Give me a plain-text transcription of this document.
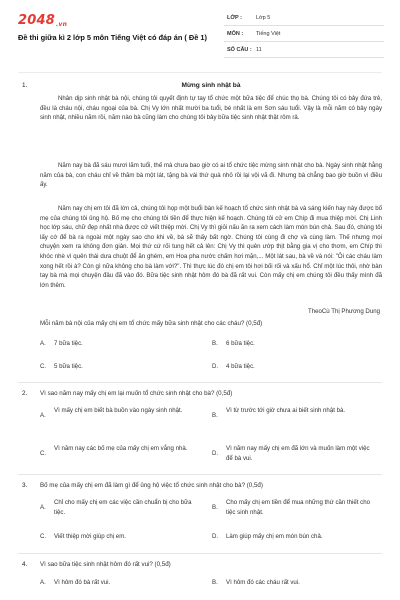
2048.vn
Đề thi giữa kì 2 lớp 5 môn Tiếng Việt có đáp án ( Đề 1)
LỚP :	Lớp 5
MÔN : Tiếng Việt
SỐ CÂU : 11
1.	Mừng sinh nhật bà
Nhân dịp sinh nhật bà nội, chúng tôi quyết định tự tay tổ chức một bữa tiệc để chúc thọ bà. Chúng tôi có bảy đứa trẻ, đều là cháu nội, cháu ngoại của bà. Chị Vy lớn nhất mười ba tuổi, bé nhất là em Sơn sáu tuổi. Vậy là mỗi năm có bảy ngày sinh nhật, nhiều năm rồi, năm nào bà cũng làm cho chúng tôi bảy bữa tiệc sinh nhật thật rôm rả.
Năm nay bà đã sáu mươi lăm tuổi, thế mà chưa bao giờ có ai tổ chức tiệc mừng sinh nhật cho bà. Ngày sinh nhật hằng năm của bà, con cháu chỉ về thăm bà một lát, tặng bà vài thứ quà nhỏ rồi lại vội vã đi. Nhưng bà chẳng bao giờ buồn vì điều ấy.
Năm nay chị em tôi đã lớn cả, chúng tôi họp một buổi bàn kế hoạch tổ chức sinh nhật bà và sáng kiến hay này được bố mẹ của chúng tôi ủng hộ. Bố mẹ cho chúng tôi tiền để thực hiện kế hoạch. Chúng tôi cử em Chíp đi mua thiệp mời. Chị Linh học lớp sáu, chữ đẹp nhất nhà được cử viết thiệp mời. Chị Vy thì giỏi nấu ăn ra xem cách làm món bún chả. Sau đó, chúng tôi lấy cớ để bà ra ngoài một ngày sao cho khi về, bà sẽ thấy bất ngờ. Chúng tôi cùng đi chợ và cùng làm. Thế nhưng mọi chuyện xem ra không đơn giản. Mọi thứ cứ rối tung hết cả lên: Chị Vy thì quên ướp thịt bằng gia vị cho thơm, em Chíp thì khóc nhè vì quên thái dưa chuột để ăn ghém, em Hoa pha nước chấm hơi mặn,... Một lát sau, bà về và nói: "Ôi các cháu làm xong hết rồi à? Còn gì nữa không cho bà làm với?". Thì thực lúc đó chị em tôi hơi bối rối và xấu hổ. Chỉ một lúc thôi, nhờ bàn tay bà mà mọi chuyện đâu đã vào đó. Bữa tiệc sinh nhật hôm đó bà đã rất vui. Còn mấy chị em chúng tôi đều thấy mình đã lớn thêm.
TheoCù Thị Phương Dung
Mỗi năm bà nội của mấy chị em tổ chức mấy bữa sinh nhật cho các cháu? (0,5đ)
A. 7 bữa tiệc.	B. 6 bữa tiệc.
C. 5 bữa tiệc.	D. 4 bữa tiệc.
2. Vì sao năm nay mấy chị em lại muốn tổ chức sinh nhật cho bà? (0,5đ)
A.
Vì mấy chị em biết bà buồn vào ngày sinh nhật.
B.
Vì từ trước tới giờ chưa ai biết sinh nhật bà.
C.
Vì năm nay các bố mẹ của mấy chị em vắng nhà.
D.
Vì năm nay mấy chị em đã lớn và muốn làm một việc để bà vui.
3. Bố mẹ của mấy chị em đã làm gì để ủng hộ việc tổ chức sinh nhật cho bà? (0,5đ)
A.
Chỉ cho mấy chị em các việc cần chuẩn bị cho bữa tiệc.
B.
Cho mấy chị em tiền để mua những thứ cần thiết cho tiệc sinh nhật.
C. Viết thiệp mời giúp chị em.	D. Làm giúp mấy chị em món bún chả.
4. Vì sao bữa tiệc sinh nhật hôm đó rất vui? (0,5đ)
A. Vì hôm đó bà rất vui.	B. Vì hôm đó các cháu rất vui.
